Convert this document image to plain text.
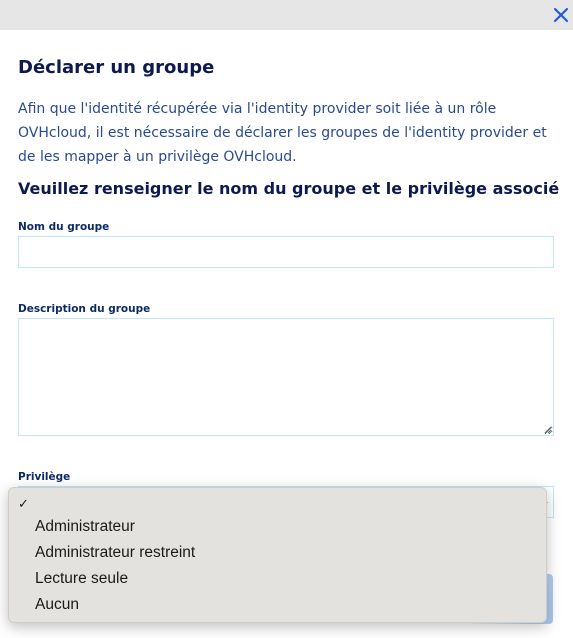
Déclarer un groupe
Afin que l'identité récupérée via l'identity provider soit liée à un rôle OVHcloud, il est nécessaire de déclarer les groupes de l'identity provider et de les mapper à un privilège OVHcloud.
Veuillez renseigner le nom du groupe et le privilège associé
Nom du groupe
Description du groupe
Privilège
✓
Administrateur
Administrateur restreint
Lecture seule
Aucun
